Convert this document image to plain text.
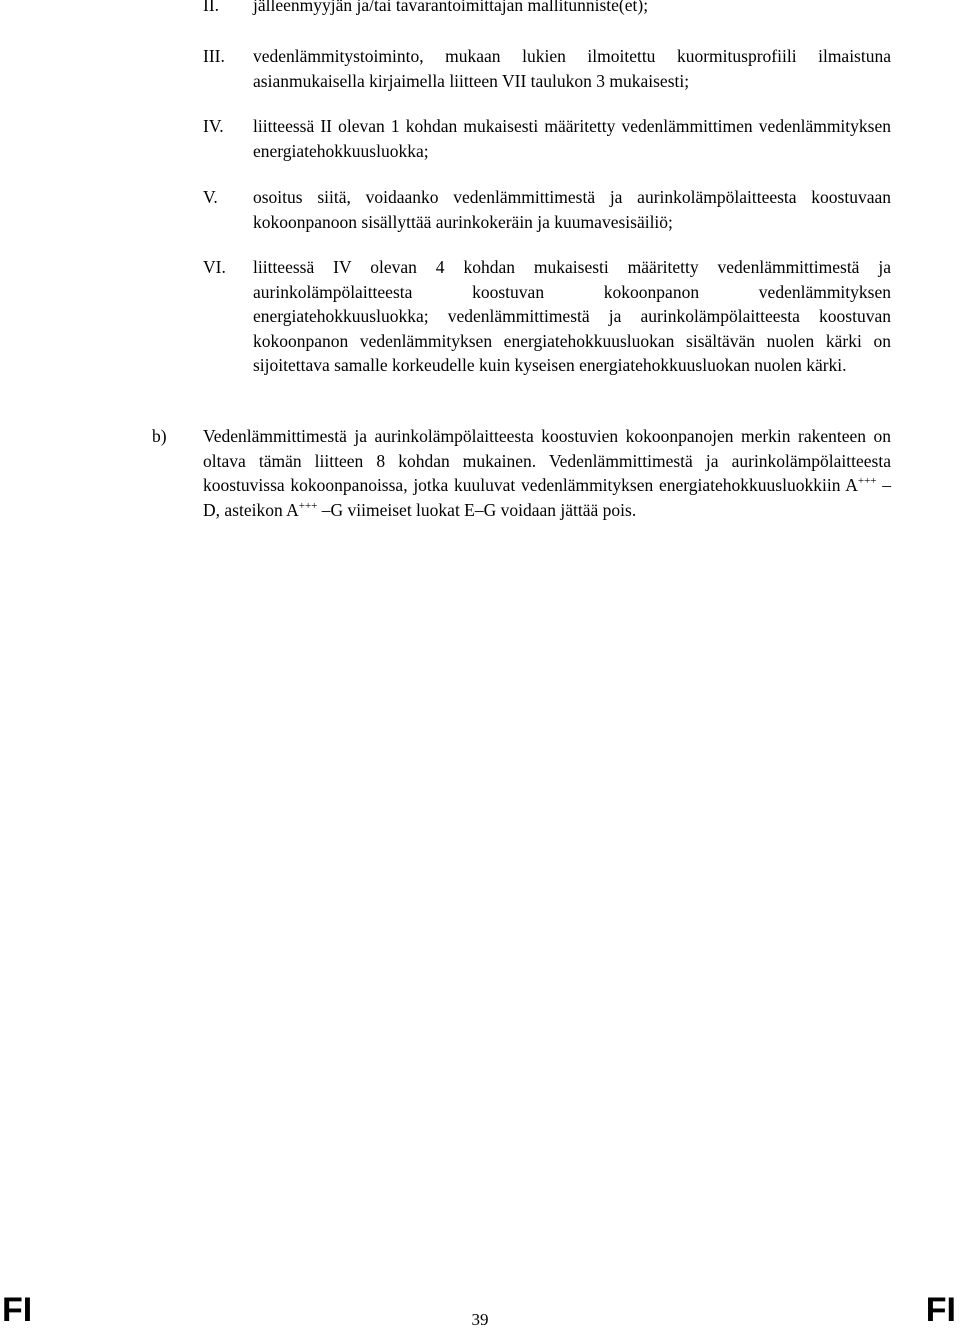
II. jälleenmyyjän ja/tai tavarantoimittajan mallitunniste(et);
III. vedenlämmitystoiminto, mukaan lukien ilmoitettu kuormitusprofiili ilmaistuna asianmukaisella kirjaimella liitteen VII taulukon 3 mukaisesti;
IV. liitteessä II olevan 1 kohdan mukaisesti määritetty vedenlämmittimen vedenlämmityksen energiatehokkuusluokka;
V. osoitus siitä, voidaanko vedenlämmittimestä ja aurinkolämpölaitteesta koostuvaan kokoonpanoon sisällyttää aurinkokeräin ja kuumavesisäiliö;
VI. liitteessä IV olevan 4 kohdan mukaisesti määritetty vedenlämmittimestä ja aurinkolämpölaitteesta koostuvan kokoonpanon vedenlämmityksen energiatehokkuusluokka; vedenlämmittimestä ja aurinkolämpölaitteesta koostuvan kokoonpanon vedenlämmityksen energiatehokkuusluokan sisältävän nuolen kärki on sijoitettava samalle korkeudelle kuin kyseisen energiatehokkuusluokan nuolen kärki.
b) Vedenlämmittimestä ja aurinkolämpölaitteesta koostuvien kokoonpanojen merkin rakenteen on oltava tämän liitteen 8 kohdan mukainen. Vedenlämmittimestä ja aurinkolämpölaitteesta koostuvissa kokoonpanoissa, jotka kuuluvat vedenlämmityksen energiatehokkuusluokkiin A+++ –D, asteikon A+++ –G viimeiset luokat E–G voidaan jättää pois.
FI	39	FI
